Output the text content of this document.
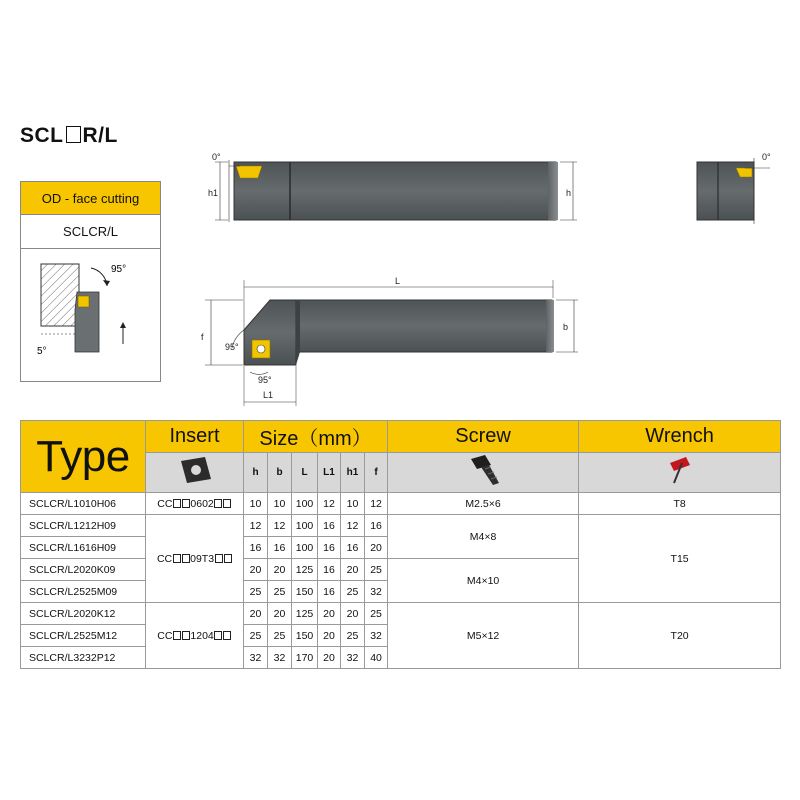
SCL R/L
h1
0°
h
0°
L
f
b
L1
95°
95°
OD - face cutting
SCLCR/L
95°
5°
Type	Insert	Size（mm）						Screw	Wrench
	h	b	L	L1	h1	f		
SCLCR/L1010H06	CC 0602	10	10	100	12	10	12	M2.5×6	T8
SCLCR/L1212H09	CC 09T3	12	12	100	16	12	16	M4×8	T15
SCLCR/L1616H09		16	16	100	16	16	20		
SCLCR/L2020K09		20	20	125	16	20	25	M4×10	
SCLCR/L2525M09		25	25	150	16	25	32		
SCLCR/L2020K12	CC 1204	20	20	125	20	20	25	M5×12	T20
SCLCR/L2525M12		25	25	150	20	25	32		
SCLCR/L3232P12		32	32	170	20	32	40		
